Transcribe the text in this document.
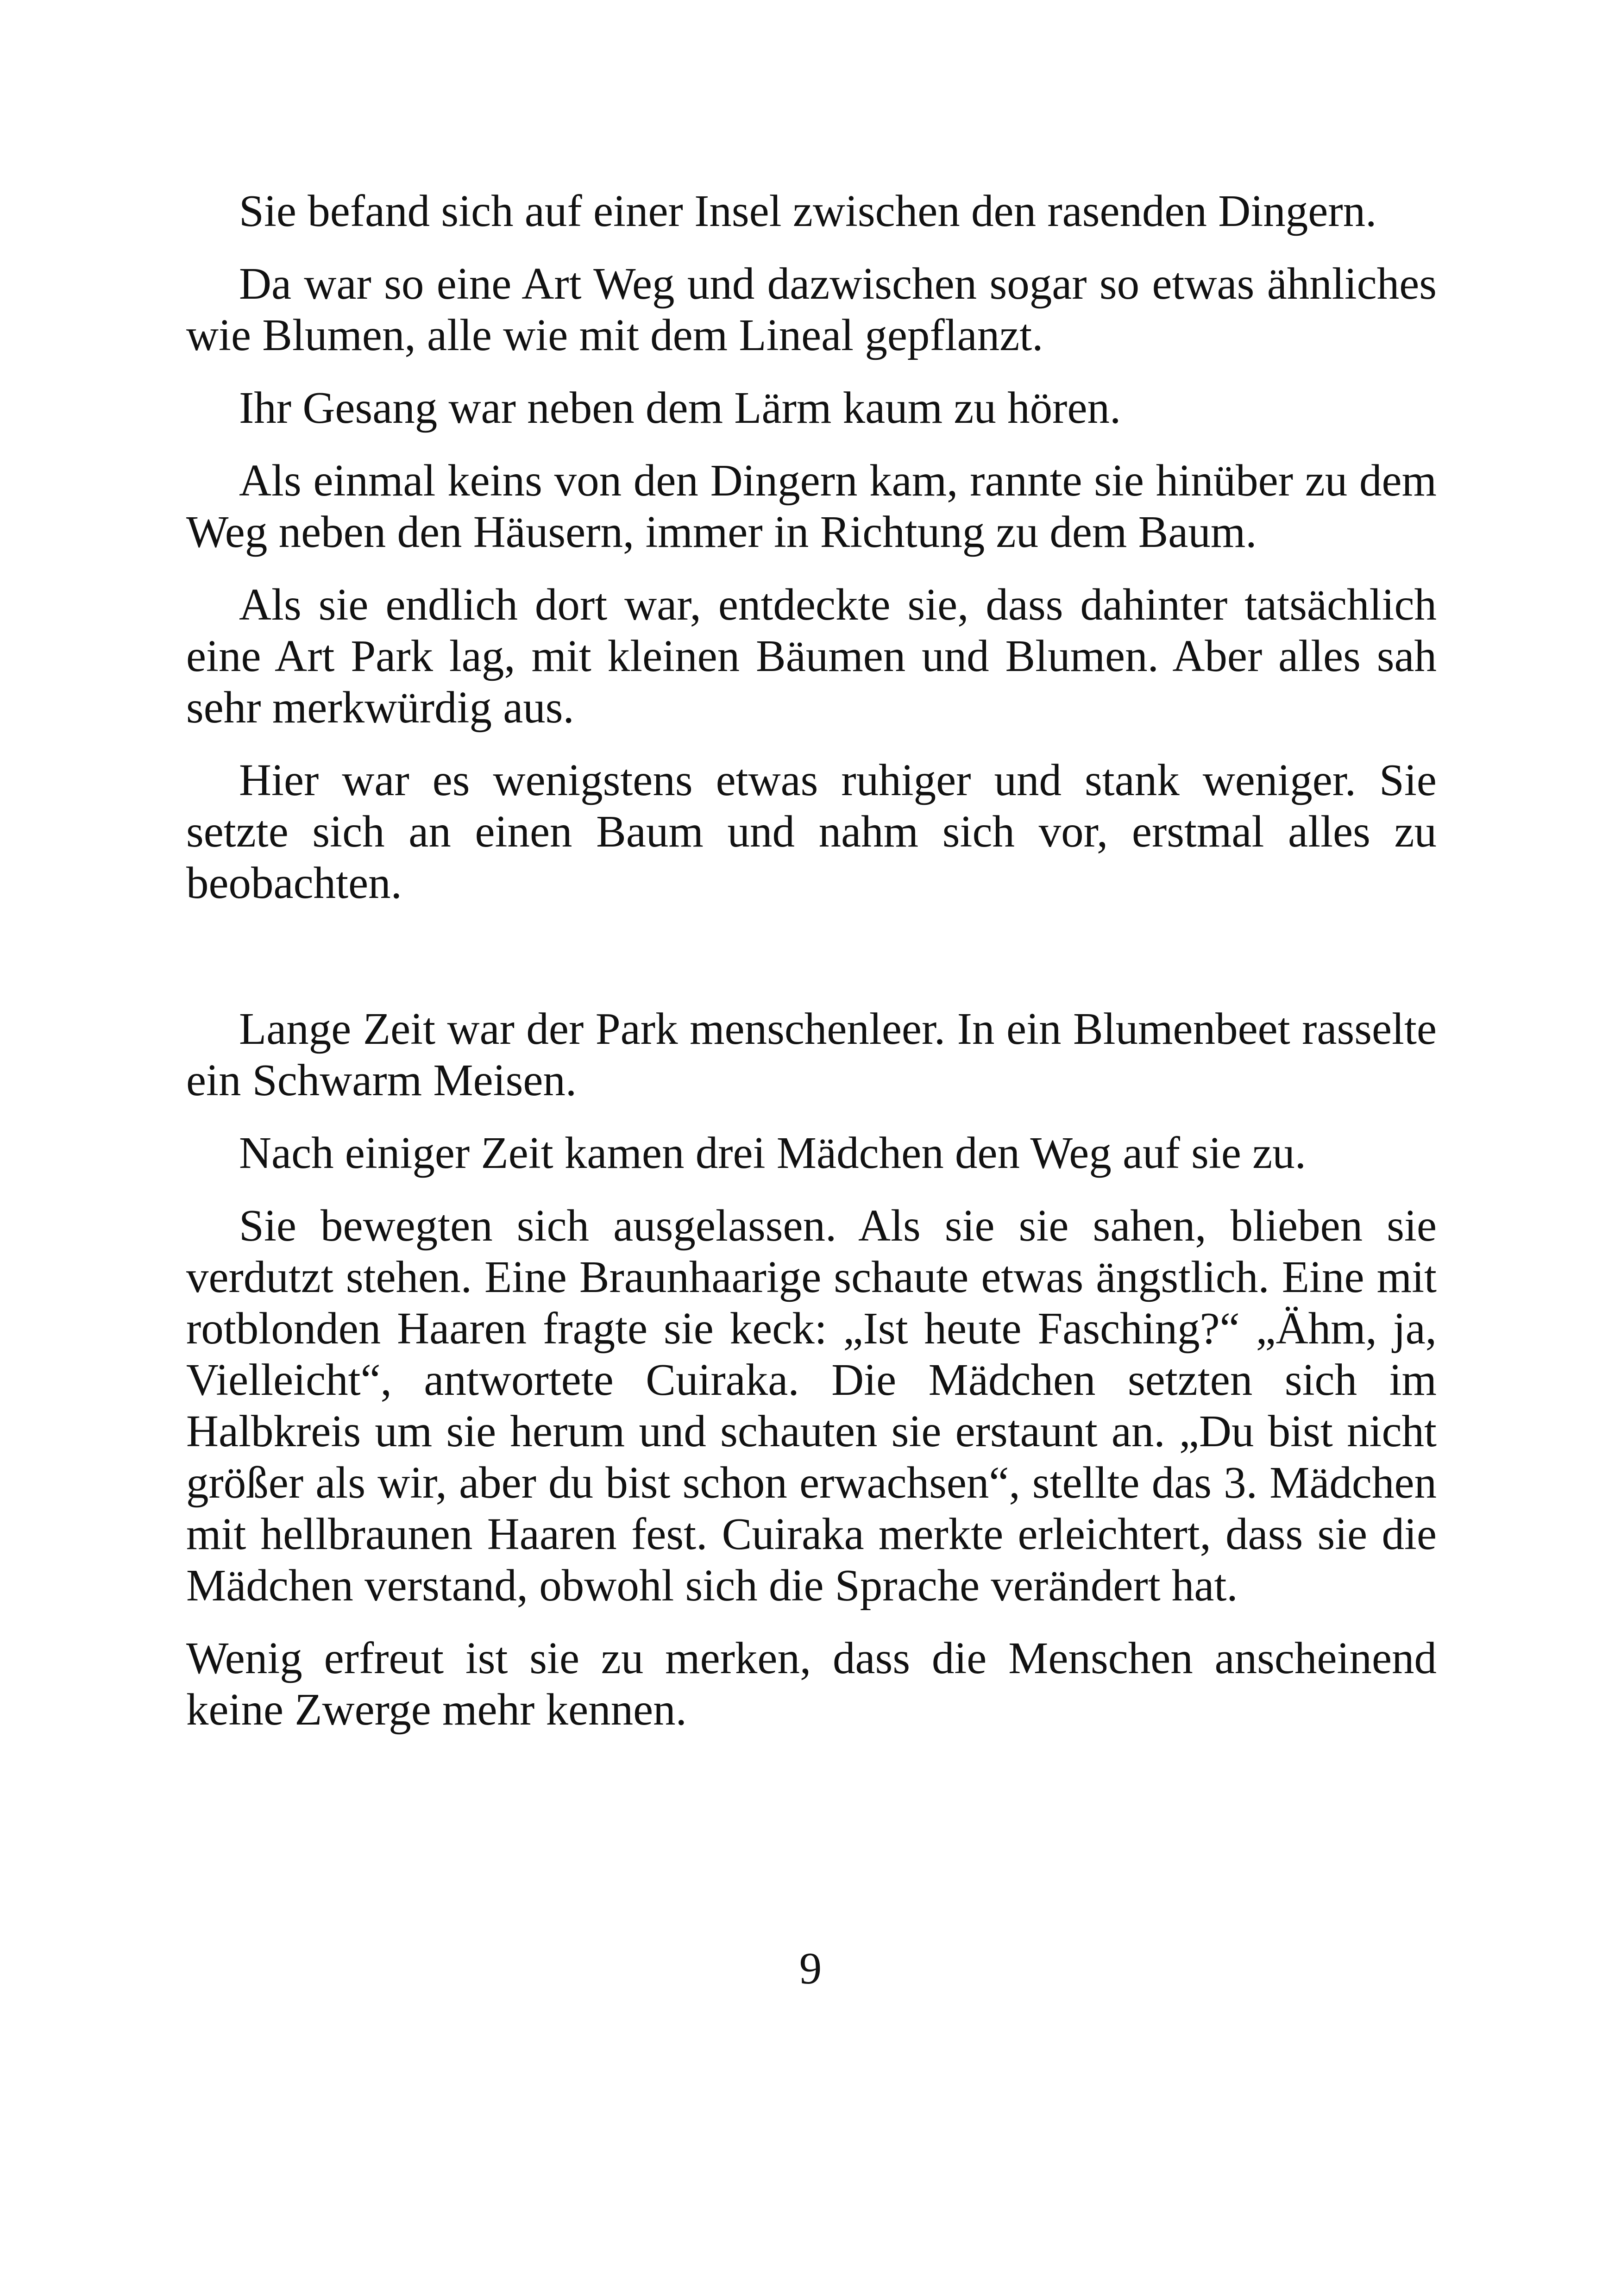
Sie befand sich auf einer Insel zwischen den rasenden Dingern.

Da war so eine Art Weg und dazwischen sogar so etwas ähnliches wie Blumen, alle wie mit dem Lineal gepflanzt.

Ihr Gesang war neben dem Lärm kaum zu hören.

Als einmal keins von den Dingern kam, rannte sie hinüber zu dem Weg neben den Häusern, immer in Richtung zu dem Baum.

Als sie endlich dort war, entdeckte sie, dass dahinter tatsächlich eine Art Park lag, mit kleinen Bäumen und Blumen. Aber alles sah sehr merkwürdig aus.

Hier war es wenigstens etwas ruhiger und stank weniger. Sie setzte sich an einen Baum und nahm sich vor, erstmal alles zu beobachten.

Lange Zeit war der Park menschenleer. In ein Blumenbeet rasselte ein Schwarm Meisen.

Nach einiger Zeit kamen drei Mädchen den Weg auf sie zu.

Sie bewegten sich ausgelassen. Als sie sie sahen, blieben sie verdutzt stehen. Eine Braunhaarige schaute etwas ängstlich. Eine mit rotblonden Haaren fragte sie keck: „Ist heute Fasching?“ „Ähm, ja, Vielleicht“, antwortete Cuiraka. Die Mädchen setzten sich im Halbkreis um sie herum und schauten sie erstaunt an. „Du bist nicht größer als wir, aber du bist schon erwachsen“, stellte das 3. Mädchen mit hellbraunen Haaren fest. Cuiraka merkte erleichtert, dass sie die Mädchen verstand, obwohl sich die Sprache verändert hat.

Wenig erfreut ist sie zu merken, dass die Menschen anscheinend keine Zwerge mehr kennen.

9
